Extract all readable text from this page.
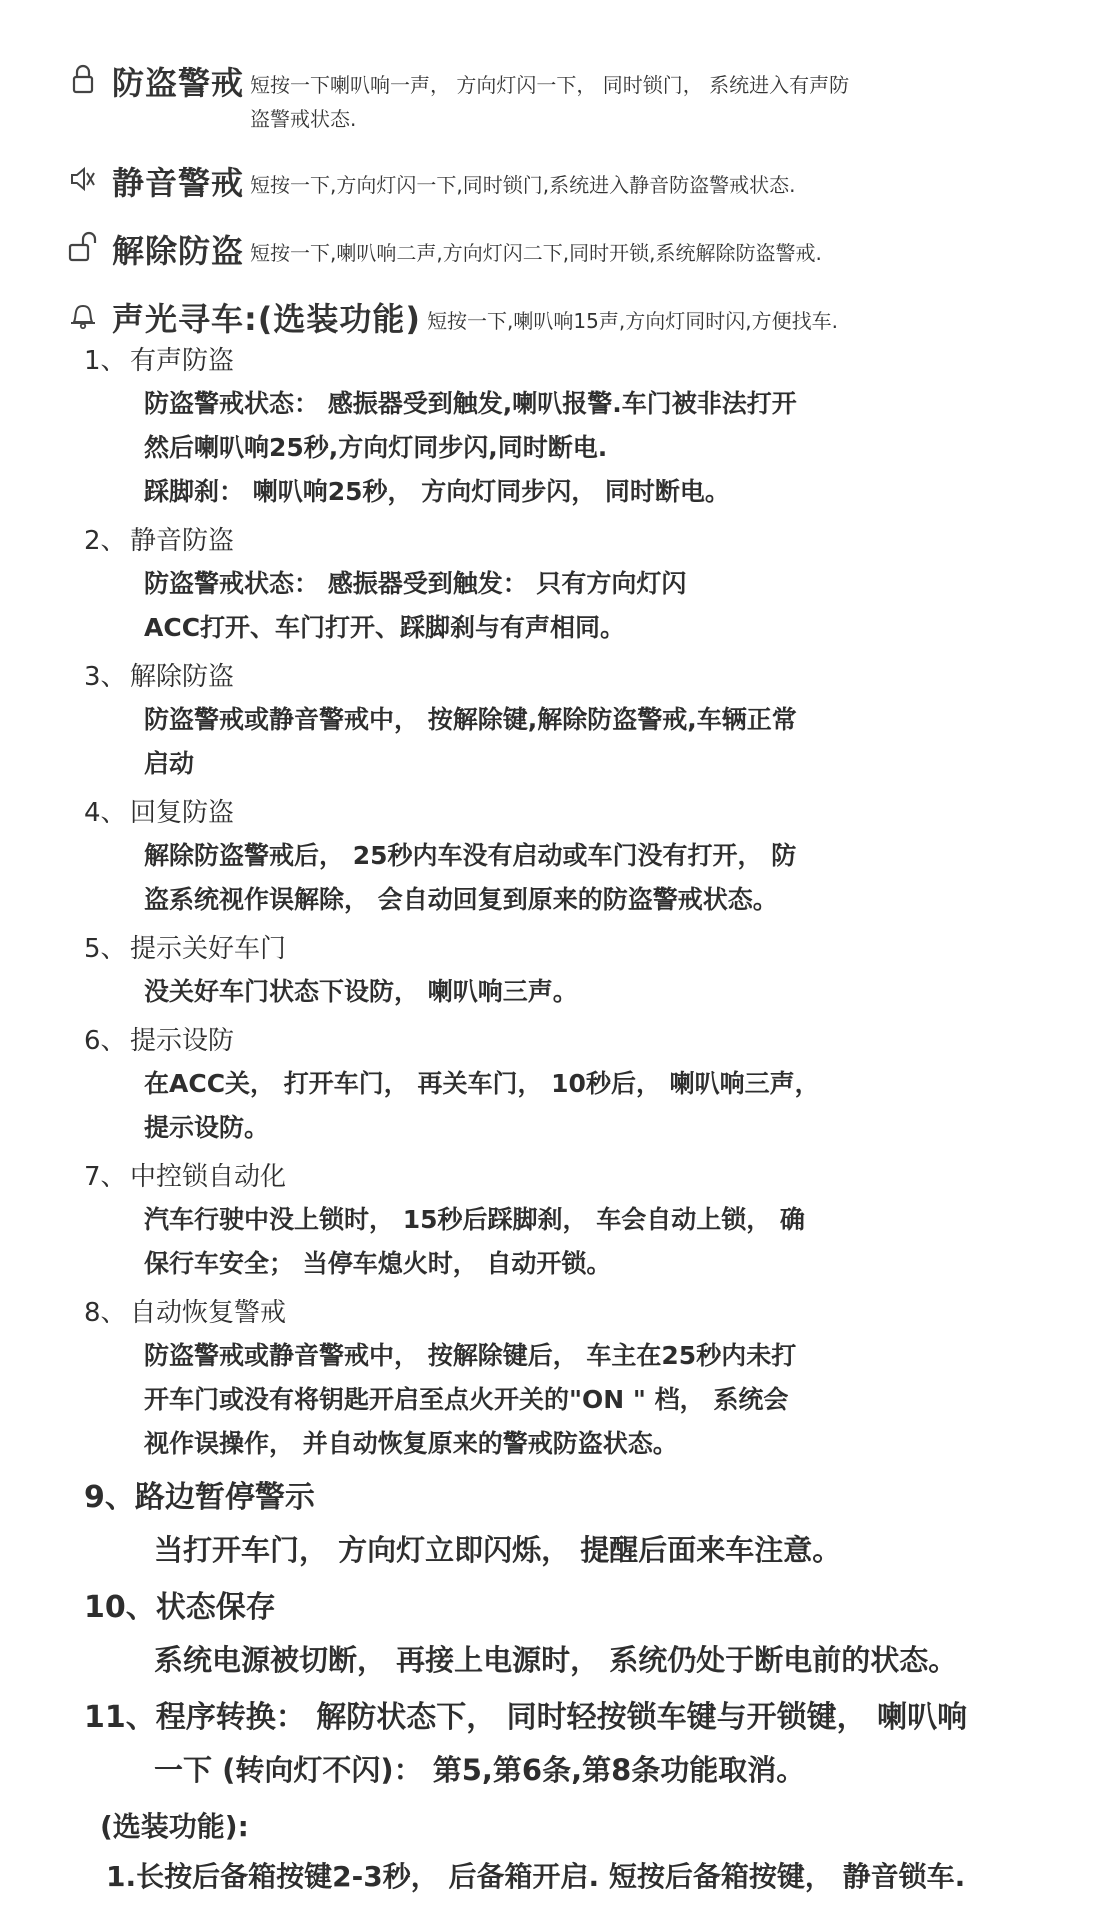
防盗警戒 短按一下喇叭响一声， 方向灯闪一下， 同时锁门， 系统进入有声防盗警戒状态.
静音警戒 短按一下,方向灯闪一下,同时锁门,系统进入静音防盗警戒状态.
解除防盗 短按一下,喇叭响二声,方向灯闪二下,同时开锁,系统解除防盗警戒.
声光寻车:(选装功能) 短按一下,喇叭响15声,方向灯同时闪,方便找车.
1、 有声防盗

防盗警戒状态： 感振器受到触发,喇叭报警.车门被非法打开

然后喇叭响25秒,方向灯同步闪,同时断电.

踩脚刹： 喇叭响25秒， 方向灯同步闪， 同时断电。

2、 静音防盗

防盗警戒状态： 感振器受到触发： 只有方向灯闪

ACC打开、车门打开、踩脚刹与有声相同。

3、 解除防盗

防盗警戒或静音警戒中， 按解除键,解除防盗警戒,车辆正常

启动

4、 回复防盗

解除防盗警戒后， 25秒内车没有启动或车门没有打开， 防

盗系统视作误解除， 会自动回复到原来的防盗警戒状态。

5、 提示关好车门

没关好车门状态下设防， 喇叭响三声。

6、 提示设防

在ACC关， 打开车门， 再关车门， 10秒后， 喇叭响三声，

提示设防。

7、 中控锁自动化

汽车行驶中没上锁时， 15秒后踩脚刹， 车会自动上锁， 确

保行车安全； 当停车熄火时， 自动开锁。

8、 自动恢复警戒

防盗警戒或静音警戒中， 按解除键后， 车主在25秒内未打

开车门或没有将钥匙开启至点火开关的"ON " 档， 系统会

视作误操作， 并自动恢复原来的警戒防盗状态。

9、路边暂停警示

当打开车门， 方向灯立即闪烁， 提醒后面来车注意。

10、状态保存

系统电源被切断， 再接上电源时， 系统仍处于断电前的状态。

11、程序转换： 解防状态下， 同时轻按锁车键与开锁键， 喇叭响

一下 (转向灯不闪)： 第5,第6条,第8条功能取消。

(选装功能):
1.长按后备箱按键2-3秒， 后备箱开启. 短按后备箱按键， 静音锁车.
